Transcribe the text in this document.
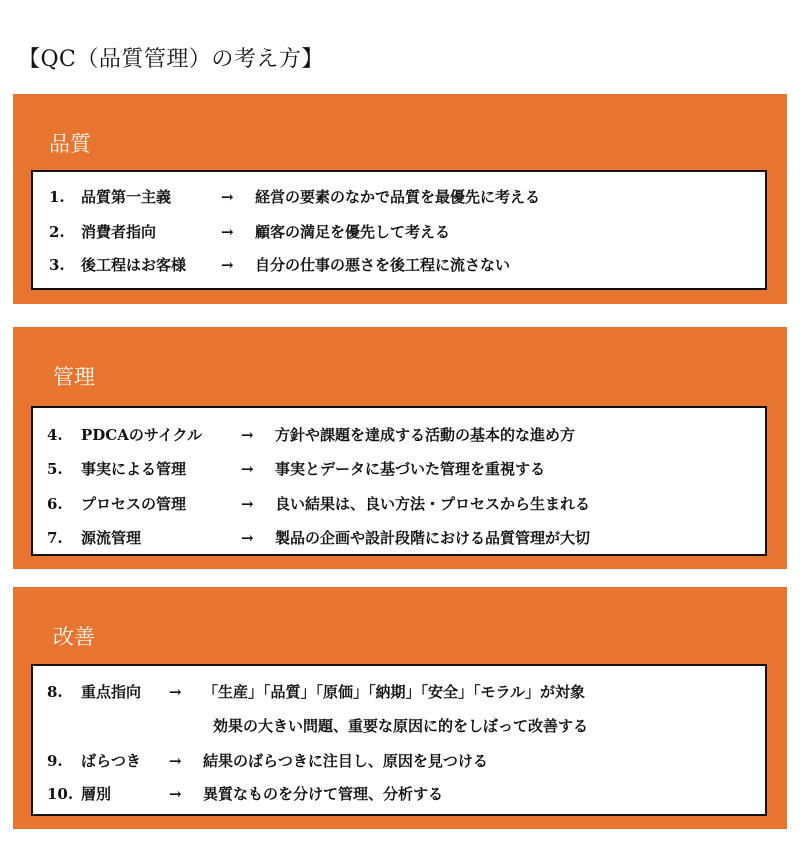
【QC（品質管理）の考え方】
品質
1. 品質第一主義	→ 経営の要素のなかで品質を最優先に考える
2. 消費者指向	→ 顧客の満足を優先して考える
3. 後工程はお客様 → 自分の仕事の悪さを後工程に流さない
管理
4. PDCAのサイクル	→ 方針や課題を達成する活動の基本的な進め方
5. 事実による管理	→ 事実とデータに基づいた管理を重視する
6. プロセスの管理	→ 良い結果は、良い方法・プロセスから生まれる
7. 源流管理	→ 製品の企画や設計段階における品質管理が大切
改善
8. 重点指向 → 「生産」「品質」「原価」「納期」「安全」「モラル」が対象
効果の大きい問題、重要な原因に的をしぼって改善する
9. ばらつき → 結果のばらつきに注目し、原因を見つける
10. 層別	→ 異質なものを分けて管理、分析する
